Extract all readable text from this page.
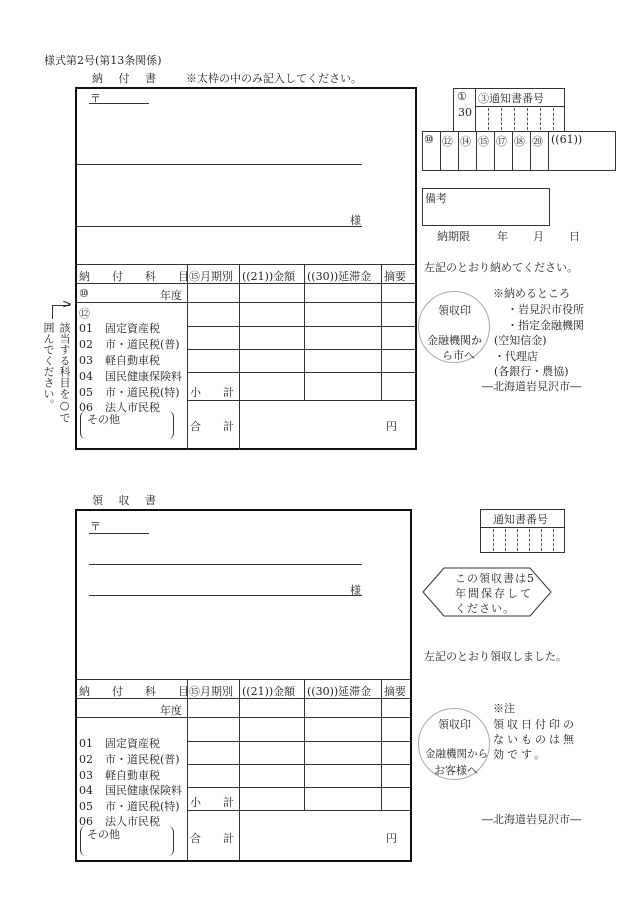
様式第2号(第13条関係)
納 付 書 ※太枠の中のみ記入してください。
〒
様
納　　付　　科　　目 ⑮月期別 ((21))金額 ((30))延滞金 摘要
⑩	年度
⑫
01 固定資産税
02 市・道民税(普)
03 軽自動車税
04 国民健康保険料
05 市・道民税(特)
06 法人市民税
その他
小　　計
合　　計	円
>
該当する科目を○で
囲んでください。
①
30
③通知書番号
⑩ ⑫ ⑭ ⑮ ⑰ ⑱ ⑳ ((61))
備考
納期限 年 月 日
左記のとおり納めてください。
領収印
金融機関か
ら市へ
※納めるところ
・岩見沢市役所
・指定金融機関
(空知信金)
・代理店
(各銀行・農協)
―北海道岩見沢市―
領 収 書
〒
様
納　　付　　科　　目 ⑮月期別 ((21))金額 ((30))延滞金 摘要
年度
01 固定資産税
02 市・道民税(普)
03 軽自動車税
04 国民健康保険料
05 市・道民税(特)
06 法人市民税
その他
小　　計
合　　計	円
通知書番号
この領収書は5
年間保存して
ください。
左記のとおり領収しました。
領収印
金融機関から
お客様へ
※注
領収日付印の
ないものは無
効です。
―北海道岩見沢市―
